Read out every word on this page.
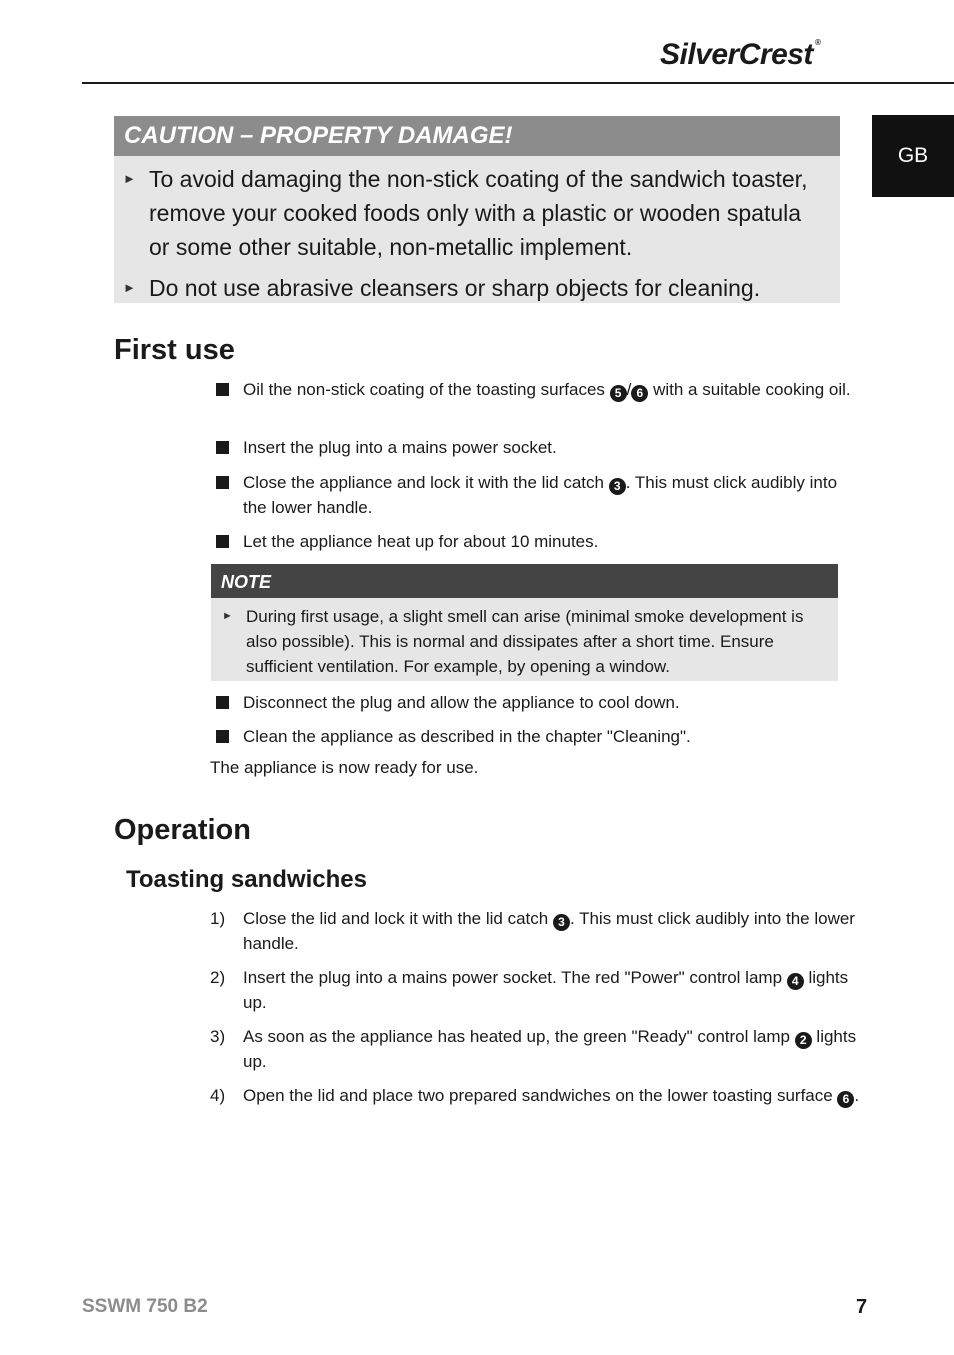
SilverCrest ®
GB
CAUTION – PROPERTY DAMAGE!
► To avoid damaging the non-stick coating of the sandwich toaster, remove your cooked foods only with a plastic or wooden spatula or some other suitable, non-metallic implement.
► Do not use abrasive cleansers or sharp objects for cleaning.
First use
Oil the non-stick coating of the toasting surfaces 5 / 6 with a suitable cooking oil.
Insert the plug into a mains power socket.
Close the appliance and lock it with the lid catch 3 . This must click audibly into the lower handle.
Let the appliance heat up for about 10 minutes.
NOTE
► During first usage, a slight smell can arise (minimal smoke development is also possible). This is normal and dissipates after a short time. Ensure sufficient ventilation. For example, by opening a window.
Disconnect the plug and allow the appliance to cool down.
Clean the appliance as described in the chapter "Cleaning".
The appliance is now ready for use.
Operation
Toasting sandwiches
1) Close the lid and lock it with the lid catch 3 . This must click audibly into the lower handle.
2) Insert the plug into a mains power socket. The red "Power" control lamp 4 lights up.
3) As soon as the appliance has heated up, the green "Ready" control lamp 2 lights up.
4) Open the lid and place two prepared sandwiches on the lower toasting surface 6 .
SSWM 750 B2	7
